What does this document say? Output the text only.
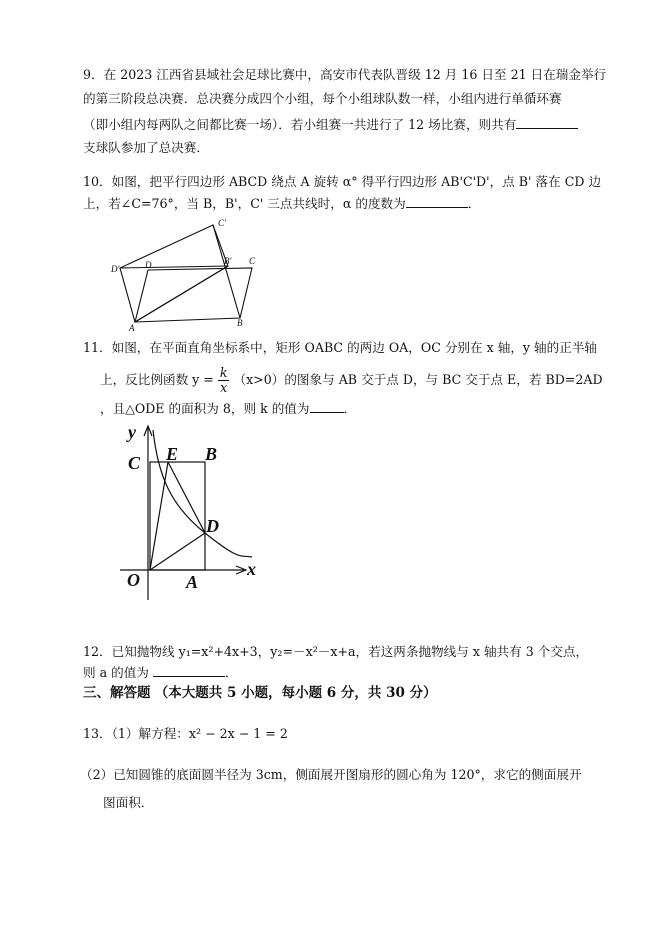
9．在 2023 江西省县域社会足球比赛中，高安市代表队晋级 12 月 16 日至 21 日在瑞金举行
的第三阶段总决赛．总决赛分成四个小组，每个小组球队数一样，小组内进行单循环赛
（即小组内每两队之间都比赛一场）．若小组赛一共进行了 12 场比赛，则共有
支球队参加了总决赛．
10．如图，把平行四边形 ABCD 绕点 A 旋转 α° 得平行四边形 AB'C'D'，点 B' 落在 CD 边
上，若∠C=76°，当 B，B'，C' 三点共线时，α 的度数为	．
C'
D'	D	B' C
A	B
y
x
C E B
D
O	A
11．如图，在平面直角坐标系中，矩形 OABC 的两边 OA，OC 分别在 x 轴，y 轴的正半轴
上，反比例函数 $y = \frac{k}{x} (x>0)$的图象与 AB 交于点 D，与 BC 交于点 E，若 BD=2AD
，且△ODE 的面积为 8，则 k 的值为	．
12．已知抛物线 y₁=x²+4x+3，y₂=－x²－x+a，若这两条抛物线与 x 轴共有 3 个交点，
则 a 的值为	．
三、解答题 （本大题共 5 小题，每小题 6 分，共 30 分）
13．（1）解方程：x² − 2x − 1 = 2
（2）已知圆锥的底面圆半径为 3cm，侧面展开图扇形的圆心角为 120°，求它的侧面展开
图面积．
